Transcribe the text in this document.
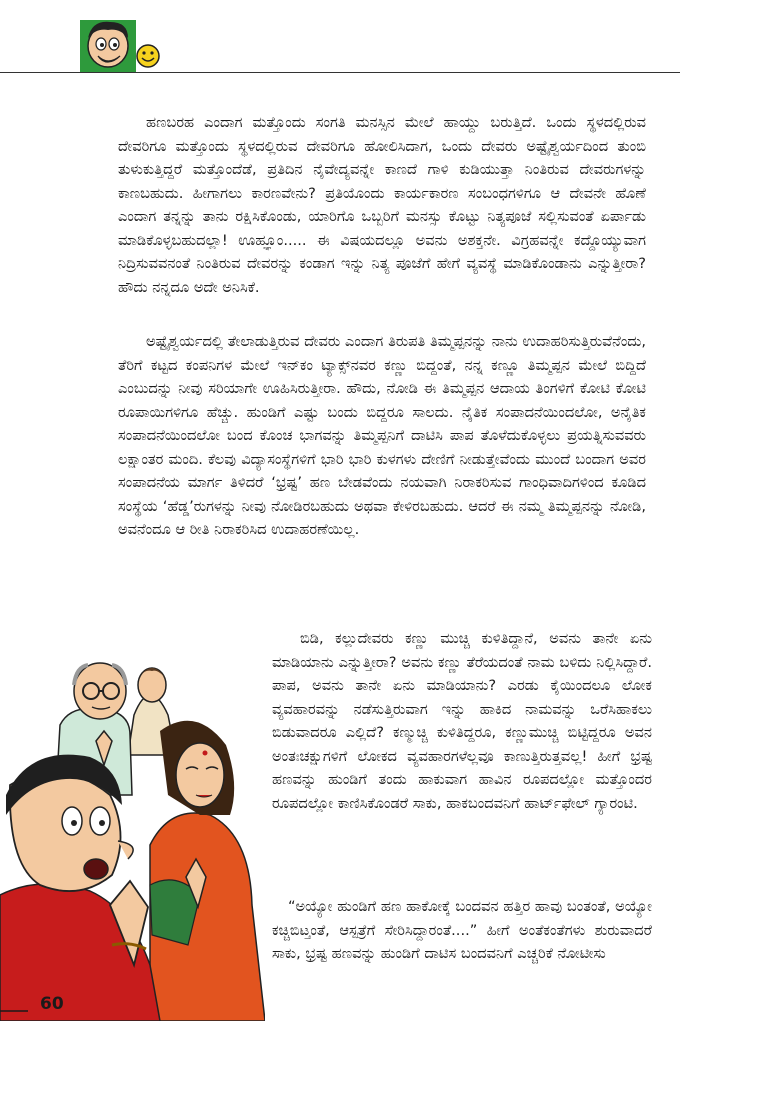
ಹಣಬರಹ ಎಂದಾಗ ಮತ್ತೊಂದು ಸಂಗತಿ ಮನಸ್ಸಿನ ಮೇಲೆ ಹಾಯ್ದು ಬರುತ್ತಿದೆ. ಒಂದು ಸ್ಥಳದಲ್ಲಿರುವ ದೇವರಿಗೂ ಮತ್ತೊಂದು ಸ್ಥಳದಲ್ಲಿರುವ ದೇವರಿಗೂ ಹೋಲಿಸಿದಾಗ, ಒಂದು ದೇವರು ಅಷ್ಟೈಶ್ವರ್ಯದಿಂದ ತುಂಬಿ ತುಳುಕುತ್ತಿದ್ದರೆ ಮತ್ತೊಂದೆಡೆ, ಪ್ರತಿದಿನ ನೈವೇದ್ಯವನ್ನೇ ಕಾಣದೆ ಗಾಳಿ ಕುಡಿಯುತ್ತಾ ನಿಂತಿರುವ ದೇವರುಗಳನ್ನು ಕಾಣಬಹುದು. ಹೀಗಾಗಲು ಕಾರಣವೇನು? ಪ್ರತಿಯೊಂದು ಕಾರ್ಯಕಾರಣ ಸಂಬಂಧಗಳಿಗೂ ಆ ದೇವನೇ ಹೊಣೆ ಎಂದಾಗ ತನ್ನನ್ನು ತಾನು ರಕ್ಷಿಸಿಕೊಂಡು, ಯಾರಿಗೊ ಒಬ್ಬರಿಗೆ ಮನಸ್ಸು ಕೊಟ್ಟು ನಿತ್ಯಪೂಜೆ ಸಲ್ಲಿಸುವಂತೆ ಏರ್ಪಾಡು ಮಾಡಿಕೊಳ್ಳಬಹುದಲ್ಲಾ! ಊಹ್ಞೂಂ..... ಈ ವಿಷಯದಲ್ಲೂ ಅವನು ಅಶಕ್ತನೇ. ವಿಗ್ರಹವನ್ನೇ ಕದ್ದೊಯ್ಯುವಾಗ ನಿದ್ರಿಸುವವನಂತೆ ನಿಂತಿರುವ ದೇವರನ್ನು ಕಂಡಾಗ ಇನ್ನು ನಿತ್ಯ ಪೂಜೆಗೆ ಹೇಗೆ ವ್ಯವಸ್ಥೆ ಮಾಡಿಕೊಂಡಾನು ಎನ್ನುತ್ತೀರಾ? ಹೌದು ನನ್ನದೂ ಅದೇ ಅನಿಸಿಕೆ.

ಅಷ್ಟೈಶ್ವರ್ಯದಲ್ಲಿ ತೇಲಾಡುತ್ತಿರುವ ದೇವರು ಎಂದಾಗ ತಿರುಪತಿ ತಿಮ್ಮಪ್ಪನನ್ನು ನಾನು ಉದಾಹರಿಸುತ್ತಿರುವೆನೆಂದು, ತೆರಿಗೆ ಕಟ್ಟದ ಕಂಪನಿಗಳ ಮೇಲೆ ಇನ್‌ಕಂ ಟ್ಯಾಕ್ಸ್‌ನವರ ಕಣ್ಣು ಬಿದ್ದಂತೆ, ನನ್ನ ಕಣ್ಣೂ ತಿಮ್ಮಪ್ಪನ ಮೇಲೆ ಬಿದ್ದಿದೆ ಎಂಬುದನ್ನು ನೀವು ಸರಿಯಾಗೇ ಊಹಿಸಿರುತ್ತೀರಾ. ಹೌದು, ನೋಡಿ ಈ ತಿಮ್ಮಪ್ಪನ ಆದಾಯ ತಿಂಗಳಿಗೆ ಕೋಟಿ ಕೋಟಿ ರೂಪಾಯಿಗಳಿಗೂ ಹೆಚ್ಚು. ಹುಂಡಿಗೆ ಎಷ್ಟು ಬಂದು ಬಿದ್ದರೂ ಸಾಲದು. ನೈತಿಕ ಸಂಪಾದನೆಯಿಂದಲೋ, ಅನೈತಿಕ ಸಂಪಾದನೆಯಿಂದಲೋ ಬಂದ ಕೊಂಚ ಭಾಗವನ್ನು ತಿಮ್ಮಪ್ಪನಿಗೆ ದಾಟಿಸಿ ಪಾಪ ತೊಳೆದುಕೊಳ್ಳಲು ಪ್ರಯತ್ನಿಸುವವರು ಲಕ್ಷಾಂತರ ಮಂದಿ. ಕೆಲವು ವಿದ್ಯಾಸಂಸ್ಥೆಗಳಿಗೆ ಭಾರಿ ಭಾರಿ ಕುಳಗಳು ದೇಣಿಗೆ ನೀಡುತ್ತೇವೆಂದು ಮುಂದೆ ಬಂದಾಗ ಅವರ ಸಂಪಾದನೆಯ ಮಾರ್ಗ ತಿಳಿದರೆ ‘ಭ್ರಷ್ಟ’ ಹಣ ಬೇಡವೆಂದು ನಯವಾಗಿ ನಿರಾಕರಿಸುವ ಗಾಂಧಿವಾದಿಗಳಿಂದ ಕೂಡಿದ ಸಂಸ್ಥೆಯ ‘ಹೆಡ್ಡ’ರುಗಳನ್ನು ನೀವು ನೋಡಿರಬಹುದು ಅಥವಾ ಕೇಳಿರಬಹುದು. ಆದರೆ ಈ ನಮ್ಮ ತಿಮ್ಮಪ್ಪನನ್ನು ನೋಡಿ, ಅವನೆಂದೂ ಆ ರೀತಿ ನಿರಾಕರಿಸಿದ ಉದಾಹರಣೆಯಿಲ್ಲ.

ಬಿಡಿ, ಕಲ್ಲುದೇವರು ಕಣ್ಣು ಮುಚ್ಚಿ ಕುಳಿತಿದ್ದಾನೆ, ಅವನು ತಾನೇ ಏನು ಮಾಡಿಯಾನು ಎನ್ನುತ್ತೀರಾ? ಅವನು ಕಣ್ಣು ತೆರೆಯದಂತೆ ನಾಮ ಬಳಿದು ನಿಲ್ಲಿಸಿದ್ದಾರೆ. ಪಾಪ, ಅವನು ತಾನೇ ಏನು ಮಾಡಿಯಾನು? ಎರಡು ಕೈಯಿಂದಲೂ ಲೋಕ ವ್ಯವಹಾರವನ್ನು ನಡೆಸುತ್ತಿರುವಾಗ ಇನ್ನು ಹಾಕಿದ ನಾಮವನ್ನು ಒರೆಸಿಹಾಕಲು ಬಿಡುವಾದರೂ ಎಲ್ಲಿದೆ? ಕಣ್ಮುಚ್ಚಿ ಕುಳಿತಿದ್ದರೂ, ಕಣ್ಣುಮುಚ್ಚಿ ಬಿಟ್ಟಿದ್ದರೂ ಅವನ ಅಂತಃಚಕ್ಷುಗಳಿಗೆ ಲೋಕದ ವ್ಯವಹಾರಗಳೆಲ್ಲವೂ ಕಾಣುತ್ತಿರುತ್ತವಲ್ಲ! ಹೀಗೆ ಭ್ರಷ್ಟ ಹಣವನ್ನು ಹುಂಡಿಗೆ ತಂದು ಹಾಕುವಾಗ ಹಾವಿನ ರೂಪದಲ್ಲೋ ಮತ್ತೊಂದರ ರೂಪದಲ್ಲೋ ಕಾಣಿಸಿಕೊಂಡರೆ ಸಾಕು, ಹಾಕಬಂದವನಿಗೆ ಹಾರ್ಟ್‌ಫೇಲ್ ಗ್ಯಾರಂಟಿ.

“ಅಯ್ಯೋ ಹುಂಡಿಗೆ ಹಣ ಹಾಕೋಕ್ಕೆ ಬಂದವನ ಹತ್ತಿರ ಹಾವು ಬಂತಂತೆ, ಅಯ್ಯೋ ಕಚ್ಚಿಬಿಟ್ತಂತೆ, ಆಸ್ಪತ್ರೆಗೆ ಸೇರಿಸಿದ್ದಾರಂತೆ....” ಹೀಗೆ ಅಂತೆಕಂತೆಗಳು ಶುರುವಾದರೆ ಸಾಕು, ಭ್ರಷ್ಟ ಹಣವನ್ನು ಹುಂಡಿಗೆ ದಾಟಿಸ ಬಂದವನಿಗೆ ಎಚ್ಚರಿಕೆ ನೋಟೀಸು

60
